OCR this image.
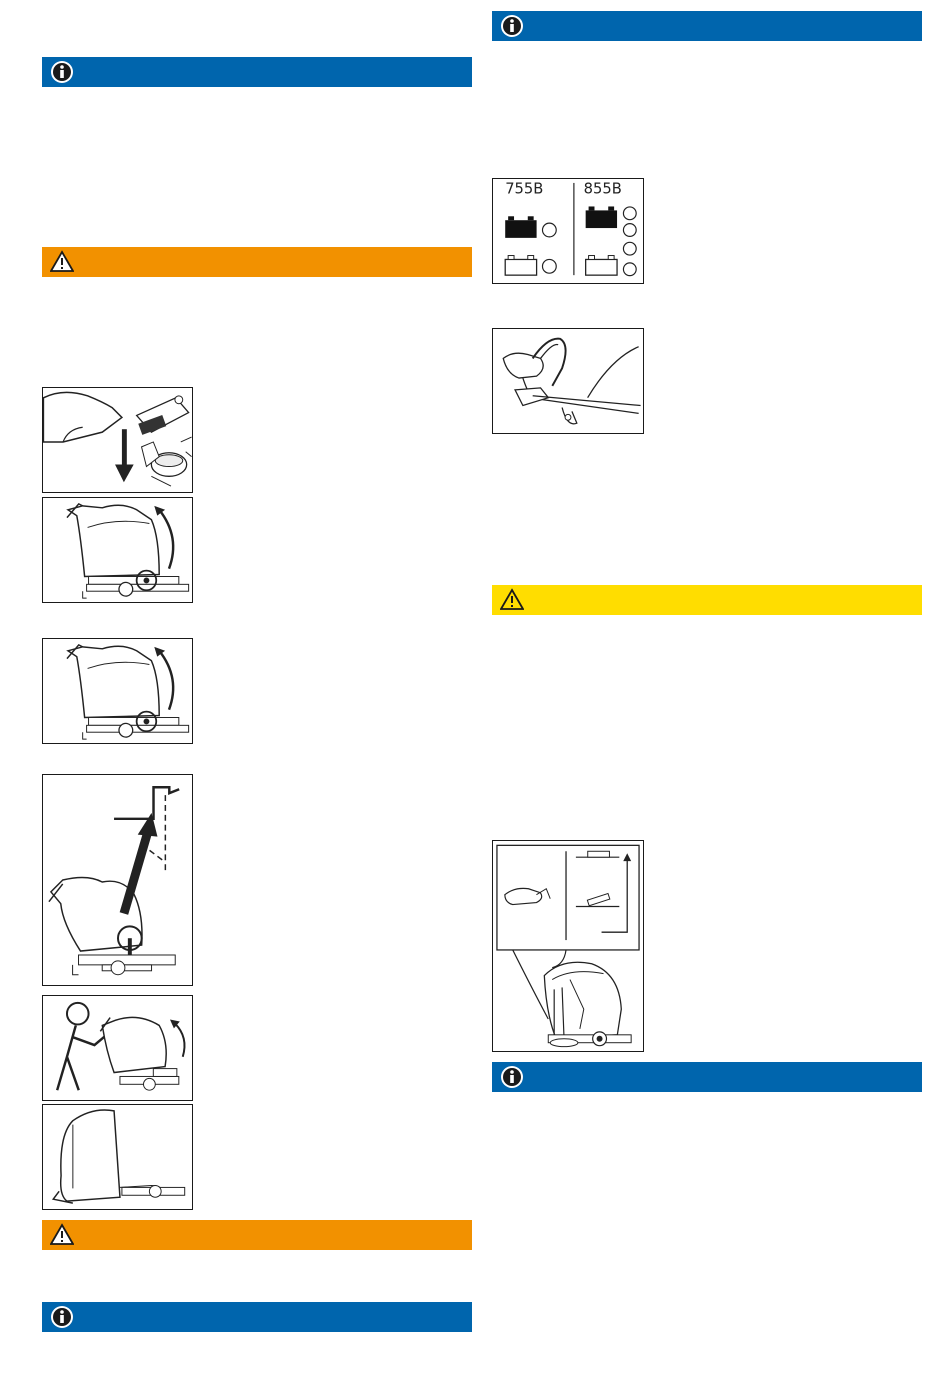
755B	855B
